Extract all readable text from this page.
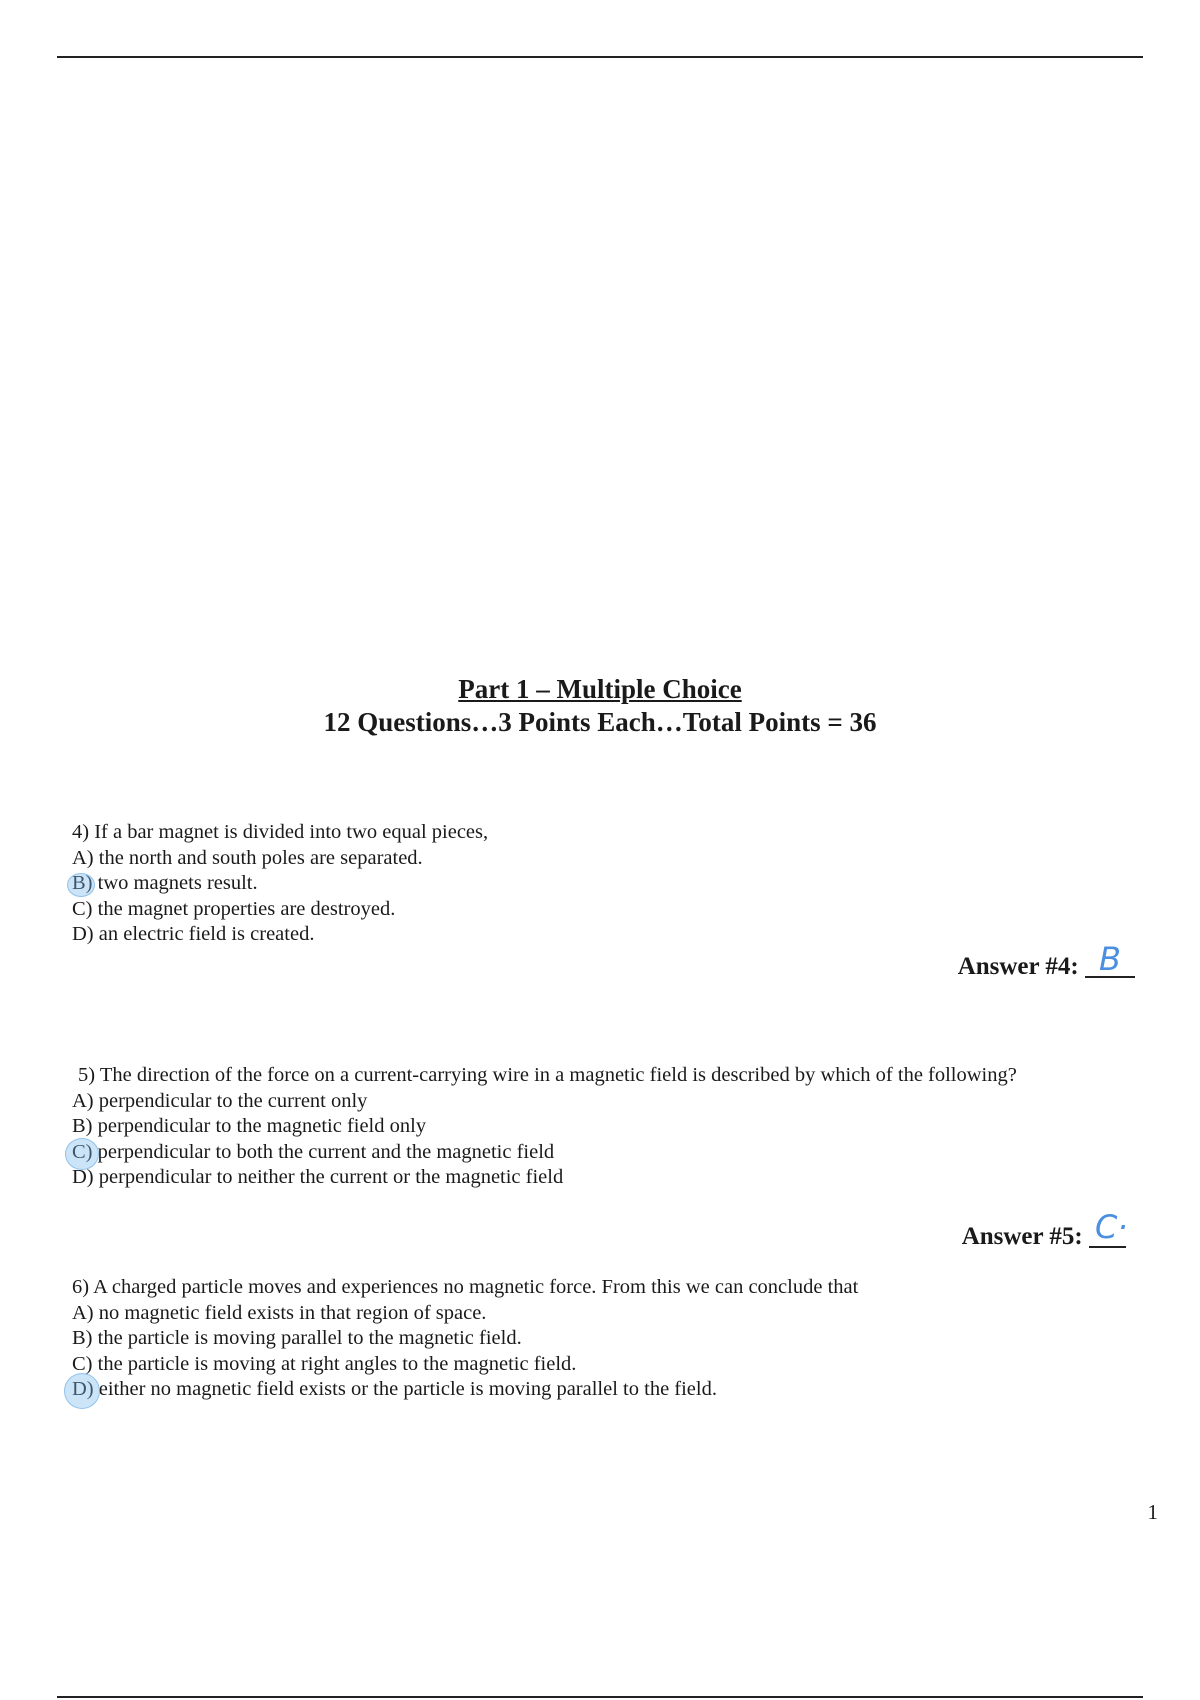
Part 1 – Multiple Choice
12 Questions…3 Points Each…Total Points = 36
4) If a bar magnet is divided into two equal pieces,
A) the north and south poles are separated.
B) two magnets result.
C) the magnet properties are destroyed.
D) an electric field is created.
Answer #4: B
5) The direction of the force on a current-carrying wire in a magnetic field is described by which of the following?
A) perpendicular to the current only
B) perpendicular to the magnetic field only
C) perpendicular to both the current and the magnetic field
D) perpendicular to neither the current or the magnetic field
Answer #5: C·
6) A charged particle moves and experiences no magnetic force. From this we can conclude that
A) no magnetic field exists in that region of space.
B) the particle is moving parallel to the magnetic field.
C) the particle is moving at right angles to the magnetic field.
D) either no magnetic field exists or the particle is moving parallel to the field.
1
